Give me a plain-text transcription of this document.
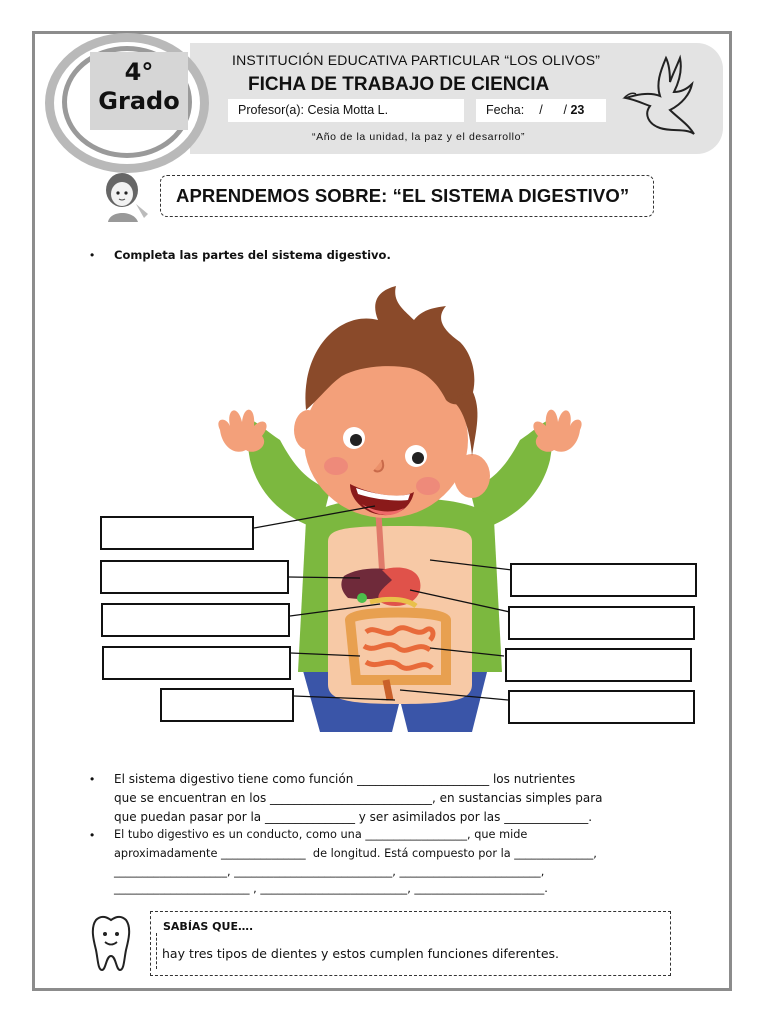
4°
Grado
INSTITUCIÓN EDUCATIVA PARTICULAR “LOS OLIVOS”
FICHA DE TRABAJO DE CIENCIA
Profesor(a): Cesia Motta L.	Fecha: /      / 23
“Año de la unidad, la paz y el desarrollo”
APRENDEMOS SOBRE: “EL SISTEMA DIGESTIVO”
• Completa las partes del sistema digestivo.
• El sistema digestivo tiene como función ______________________ los nutrientes
que se encuentran en los ___________________________, en sustancias simples para
que puedan pasar por la _______________ y ser asimilados por las ______________.
• El tubo digestivo es un conducto, como una __________________, que mide
aproximadamente _______________  de longitud. Está compuesto por la ______________,
____________________, ____________________________, _________________________,
________________________ , __________________________, _______________________.
SABÍAS QUE….
hay tres tipos de dientes y estos cumplen funciones diferentes.
